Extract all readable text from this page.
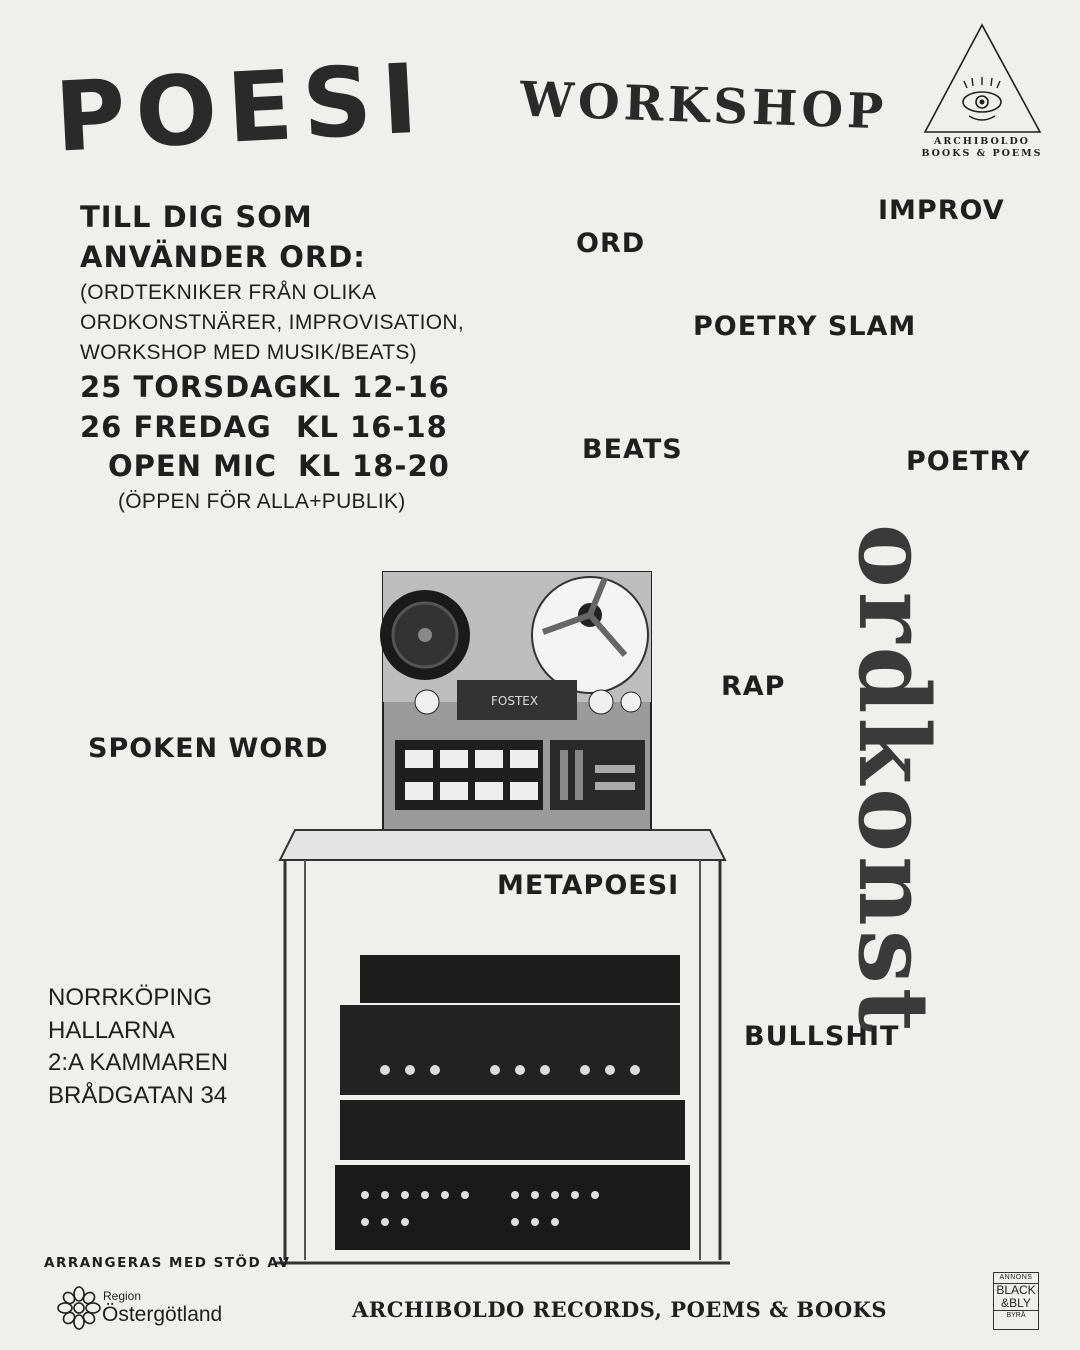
POESI WORKSHOP
ARCHIBOLDO
BOOKS & POEMS
TILL DIG SOM
ANVÄNDER ORD:
(ORDTEKNIKER FRÅN OLIKA
ORDKONSTNÄRER, IMPROVISATION,
WORKSHOP MED MUSIK/BEATS)
25 TORSDAG KL 12-16
26 FREDAG KL 16-18
OPEN MIC KL 18-20
(ÖPPEN FÖR ALLA+PUBLIK)
ORD
IMPROV
POETRY SLAM
BEATS	POETRY
RAP
SPOKEN WORD
BULLSHIT
ordkonst
FOSTEX
METAPOESI
NORRKÖPING
HALLARNA
2:A KAMMAREN
BRÅDGATAN 34
ARRANGERAS MED STÖD AV
Region
Östergötland	ARCHIBOLDO RECORDS, POEMS & BOOKS
ANNONS
BLACK
&BLY
BYRÅ
